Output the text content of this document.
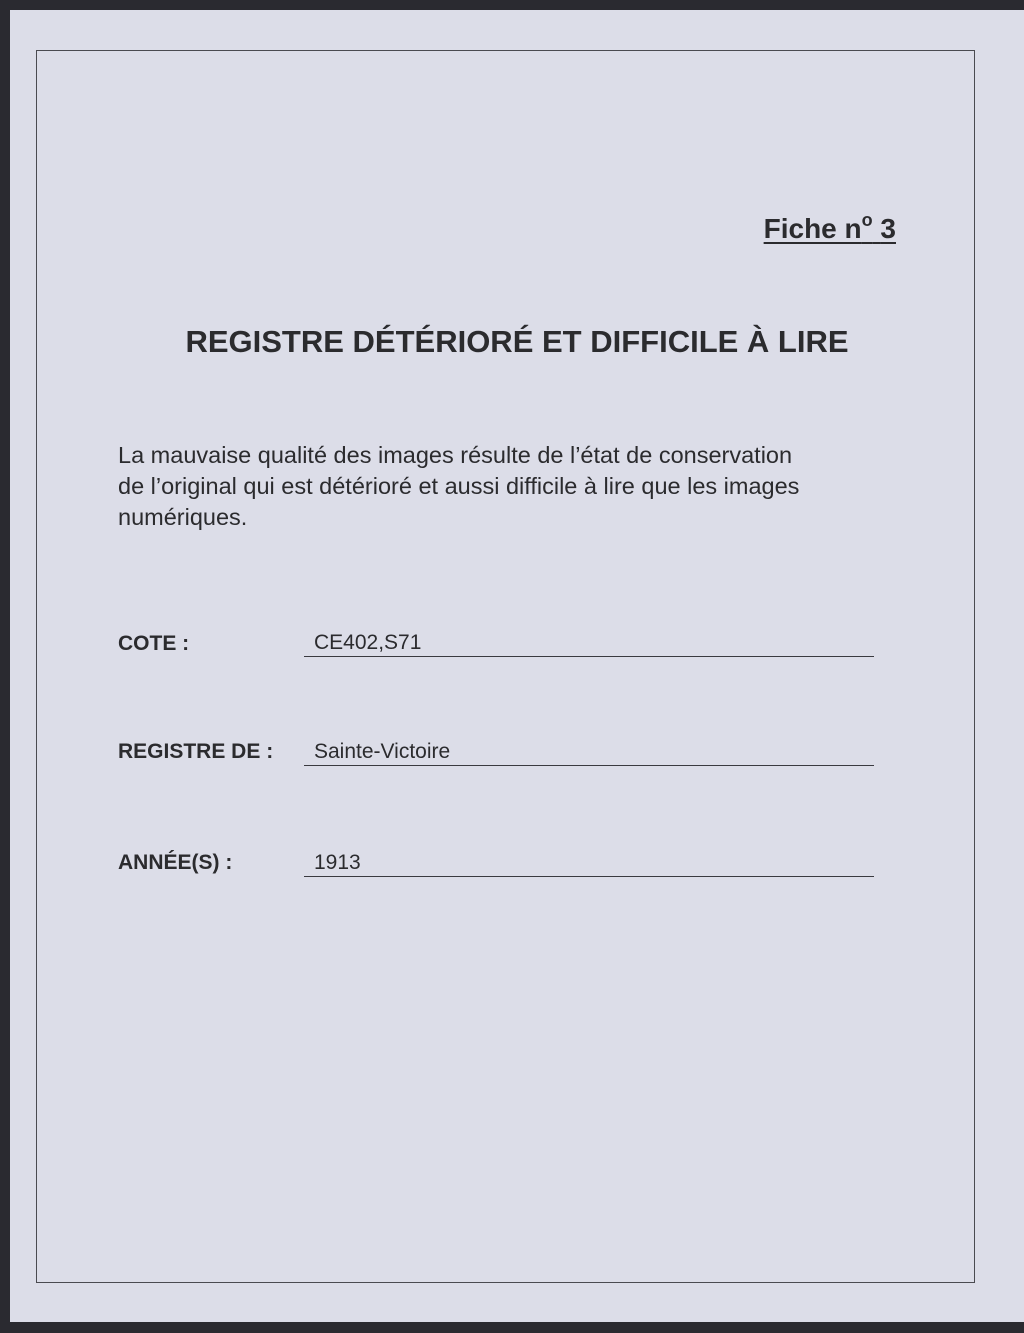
Fiche $n^o$ 3
REGISTRE DÉTÉRIORÉ ET DIFFICILE À LIRE
La mauvaise qualité des images résulte de l’état de conservation
de l’original qui est détérioré et aussi difficile à lire que les images
numériques.
COTE :	CE402,S71
REGISTRE DE : Sainte-Victoire
ANNÉE(S) :	1913
